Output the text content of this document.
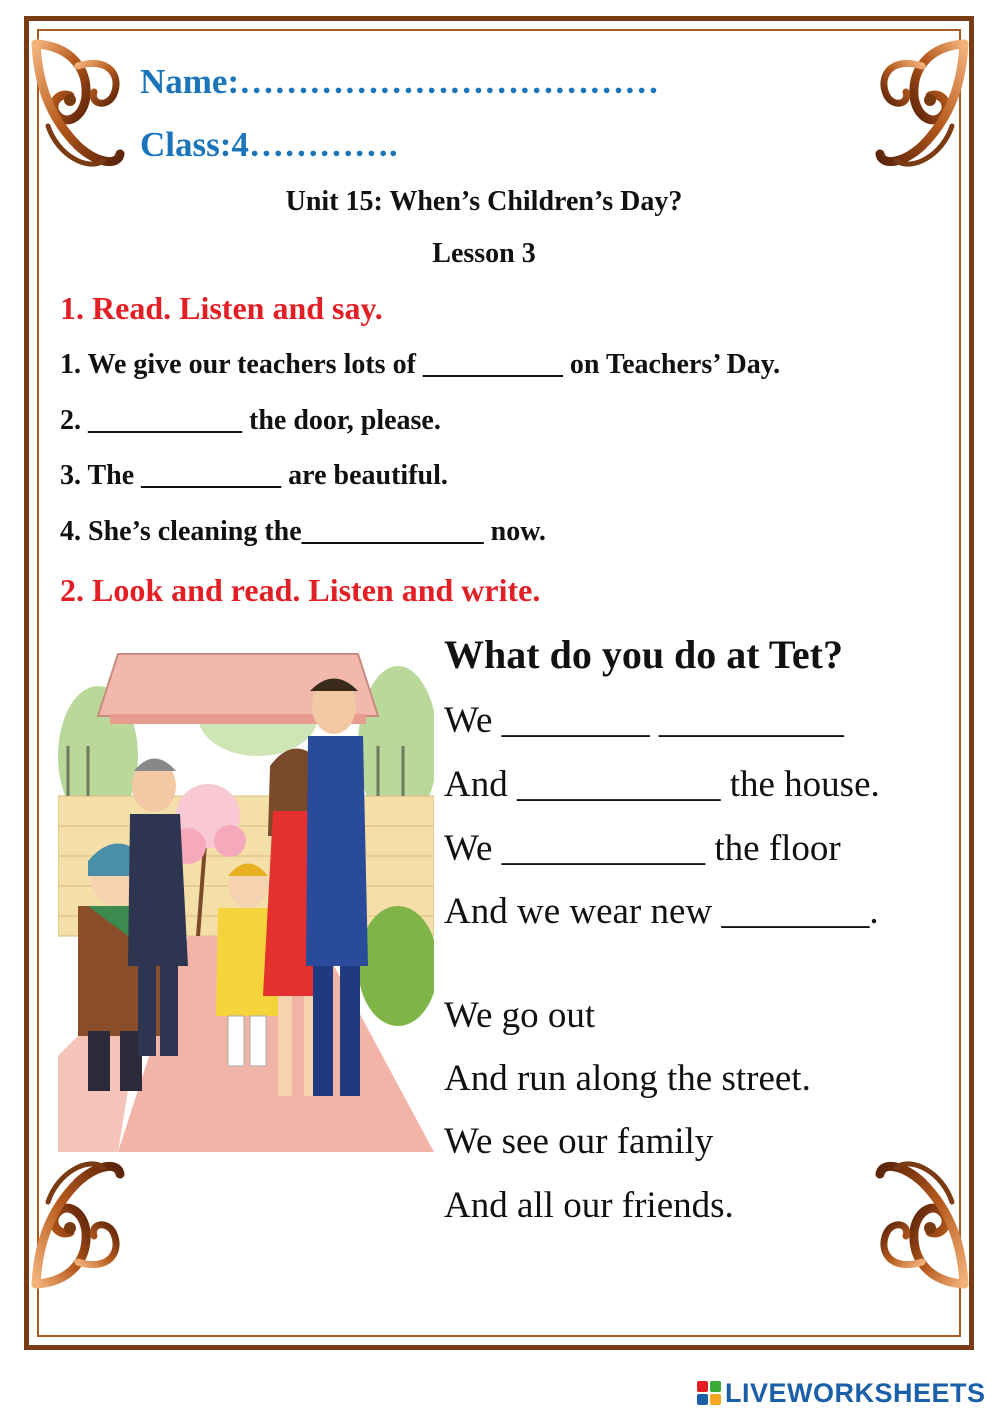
Name:………………………………
Class:4………….
Unit 15: When’s Children’s Day?
Lesson 3
1. Read. Listen and say.
1. We give our teachers lots of __________ on Teachers’ Day.
2. ___________ the door, please.
3. The __________ are beautiful.
4. She’s cleaning the_____________ now.
2. Look and read. Listen and write.
What do you do at Tet?
We ________ __________
And ___________ the house.
We ___________ the floor
And we wear new ________.
We go out
And run along the street.
We see our family
And all our friends.
LIVEWORKSHEETS
